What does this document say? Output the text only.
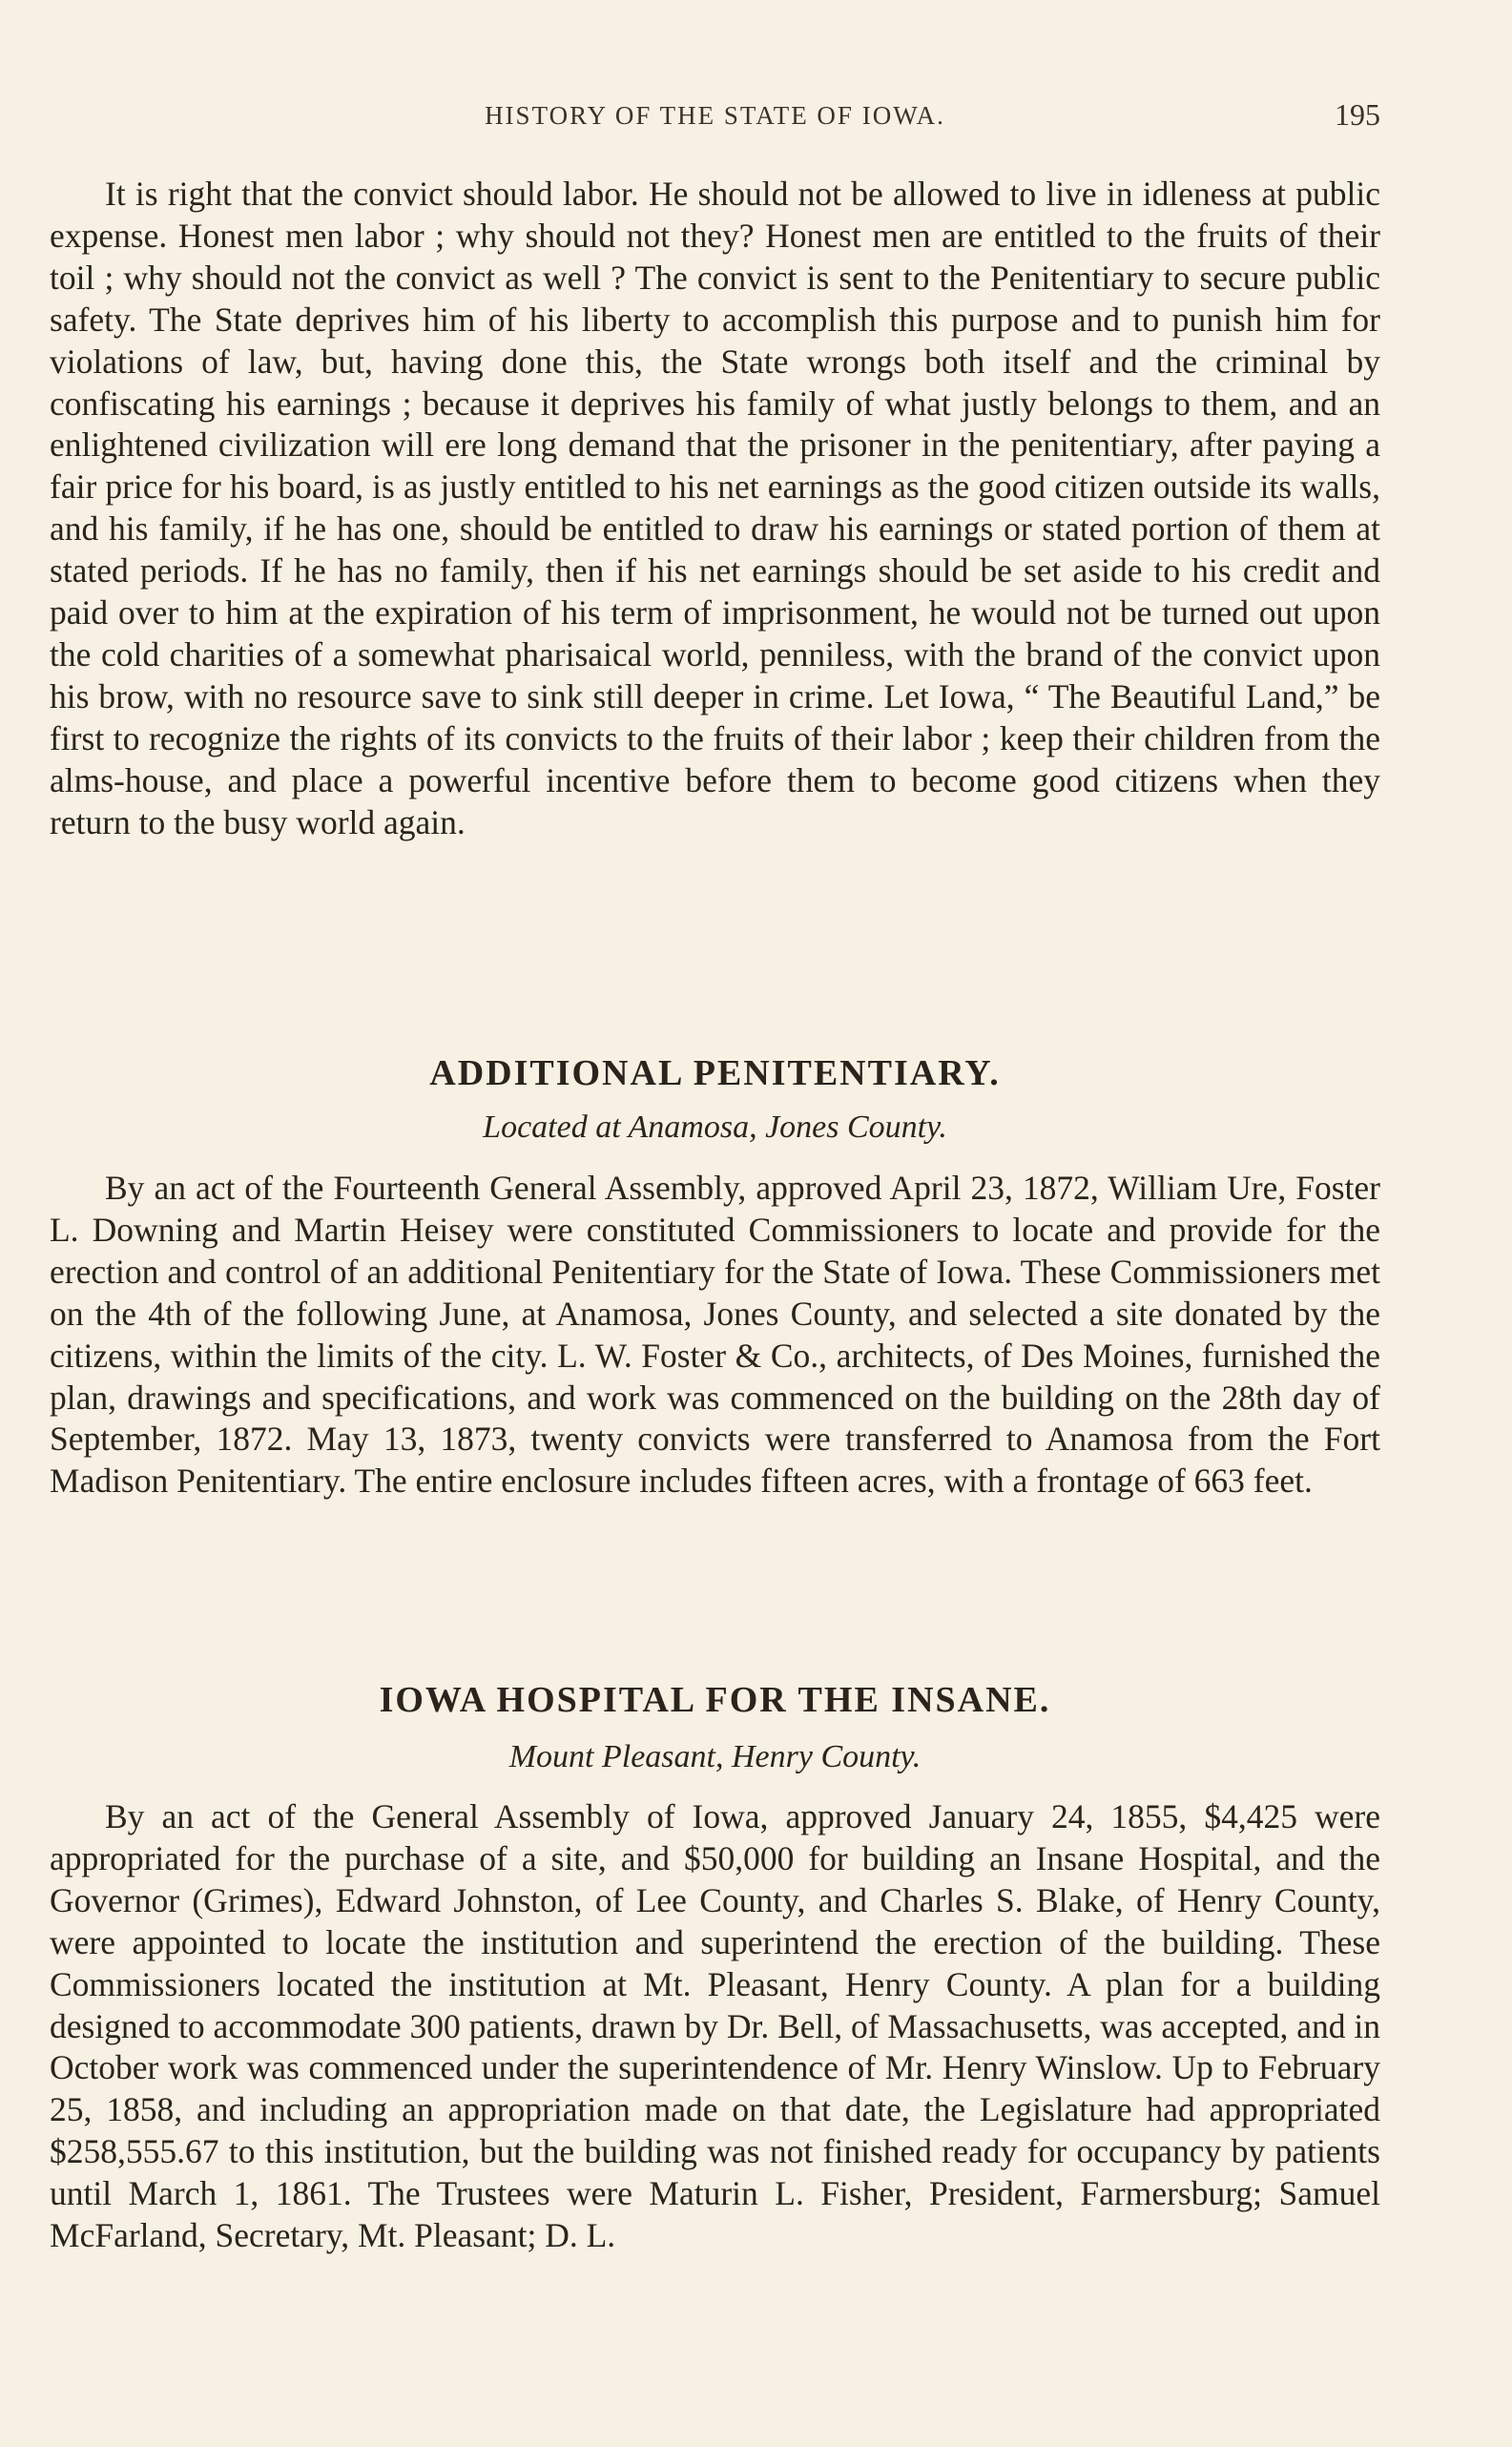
HISTORY OF THE STATE OF IOWA.	195

It is right that the convict should labor. He should not be allowed to live in idleness at public expense. Honest men labor ; why should not they? Honest men are entitled to the fruits of their toil ; why should not the convict as well ? The convict is sent to the Penitentiary to secure public safety. The State deprives him of his liberty to accomplish this purpose and to punish him for violations of law, but, having done this, the State wrongs both itself and the criminal by confiscating his earnings ; because it deprives his family of what justly belongs to them, and an enlightened civilization will ere long demand that the prisoner in the penitentiary, after paying a fair price for his board, is as justly entitled to his net earnings as the good citizen outside its walls, and his family, if he has one, should be entitled to draw his earnings or stated portion of them at stated periods. If he has no family, then if his net earnings should be set aside to his credit and paid over to him at the expiration of his term of imprisonment, he would not be turned out upon the cold charities of a somewhat pharisaical world, penniless, with the brand of the convict upon his brow, with no resource save to sink still deeper in crime. Let Iowa, “ The Beautiful Land,” be first to recognize the rights of its convicts to the fruits of their labor ; keep their children from the alms-house, and place a powerful incentive before them to become good citizens when they return to the busy world again.

ADDITIONAL PENITENTIARY.
Located at Anamosa, Jones County.

By an act of the Fourteenth General Assembly, approved April 23, 1872, William Ure, Foster L. Downing and Martin Heisey were constituted Commissioners to locate and provide for the erection and control of an additional Penitentiary for the State of Iowa. These Commissioners met on the 4th of the following June, at Anamosa, Jones County, and selected a site donated by the citizens, within the limits of the city. L. W. Foster & Co., architects, of Des Moines, furnished the plan, drawings and specifications, and work was commenced on the building on the 28th day of September, 1872. May 13, 1873, twenty convicts were transferred to Anamosa from the Fort Madison Penitentiary. The entire enclosure includes fifteen acres, with a frontage of 663 feet.

IOWA HOSPITAL FOR THE INSANE.
Mount Pleasant, Henry County.

By an act of the General Assembly of Iowa, approved January 24, 1855, $4,425 were appropriated for the purchase of a site, and $50,000 for building an Insane Hospital, and the Governor (Grimes), Edward Johnston, of Lee County, and Charles S. Blake, of Henry County, were appointed to locate the institution and superintend the erection of the building. These Commissioners located the institution at Mt. Pleasant, Henry County. A plan for a building designed to accommodate 300 patients, drawn by Dr. Bell, of Massachusetts, was accepted, and in October work was commenced under the superintendence of Mr. Henry Winslow. Up to February 25, 1858, and including an appropriation made on that date, the Legislature had appropriated $258,555.67 to this institution, but the building was not finished ready for occupancy by patients until March 1, 1861. The Trustees were Maturin L. Fisher, President, Farmersburg; Samuel McFarland, Secretary, Mt. Pleasant; D. L.
